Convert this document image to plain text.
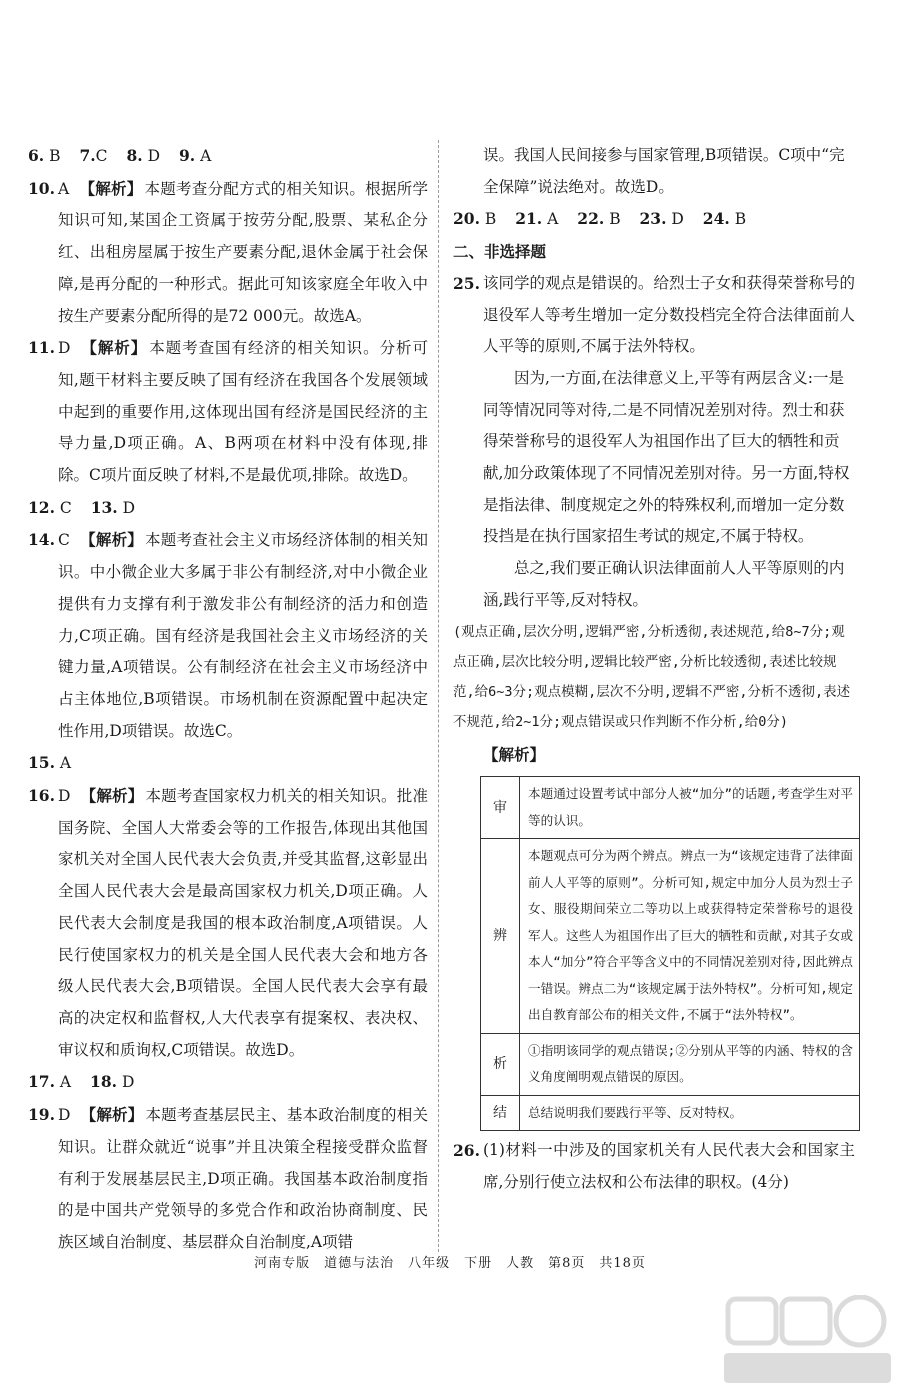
6. B 7.C 8. D 9. A
10. A 【解析】 本题考查分配方式的相关知识。根据所学知识可知,某国企工资属于按劳分配,股票、某私企分红、出租房屋属于按生产要素分配,退休金属于社会保障,是再分配的一种形式。据此可知该家庭全年收入中按生产要素分配所得的是72 000元。故选A。
11. D 【解析】 本题考查国有经济的相关知识。分析可知,题干材料主要反映了国有经济在我国各个发展领域中起到的重要作用,这体现出国有经济是国民经济的主导力量,D项正确。A、B两项在材料中没有体现,排除。C项片面反映了材料,不是最优项,排除。故选D。
12. C 13. D
14. C 【解析】 本题考查社会主义市场经济体制的相关知识。中小微企业大多属于非公有制经济,对中小微企业提供有力支撑有利于激发非公有制经济的活力和创造力,C项正确。国有经济是我国社会主义市场经济的关键力量,A项错误。公有制经济在社会主义市场经济中占主体地位,B项错误。市场机制在资源配置中起决定性作用,D项错误。故选C。
15. A
16. D 【解析】 本题考查国家权力机关的相关知识。批准国务院、全国人大常委会等的工作报告,体现出其他国家机关对全国人民代表大会负责,并受其监督,这彰显出全国人民代表大会是最高国家权力机关,D项正确。人民代表大会制度是我国的根本政治制度,A项错误。人民行使国家权力的机关是全国人民代表大会和地方各级人民代表大会,B项错误。全国人民代表大会享有最高的决定权和监督权,人大代表享有提案权、表决权、审议权和质询权,C项错误。故选D。
17. A 18. D
19. D 【解析】 本题考查基层民主、基本政治制度的相关知识。让群众就近“说事”并且决策全程接受群众监督有利于发展基层民主,D项正确。我国基本政治制度指的是中国共产党领导的多党合作和政治协商制度、民族区域自治制度、基层群众自治制度,A项错
误。我国人民间接参与国家管理,B项错误。C项中“完全保障”说法绝对。故选D。
20. B 21. A 22. B 23. D 24. B
二、非选择题
25. 该同学的观点是错误的。给烈士子女和获得荣誉称号的退役军人等考生增加一定分数投档完全符合法律面前人人平等的原则,不属于法外特权。
因为,一方面,在法律意义上,平等有两层含义:一是同等情况同等对待,二是不同情况差别对待。烈士和获得荣誉称号的退役军人为祖国作出了巨大的牺牲和贡献,加分政策体现了不同情况差别对待。另一方面,特权是指法律、制度规定之外的特殊权利,而增加一定分数投挡是在执行国家招生考试的规定,不属于特权。
总之,我们要正确认识法律面前人人平等原则的内涵,践行平等,反对特权。
(观点正确,层次分明,逻辑严密,分析透彻,表述规范,给8~7分;观点正确,层次比较分明,逻辑比较严密,分析比较透彻,表述比较规范,给6~3分;观点模糊,层次不分明,逻辑不严密,分析不透彻,表述不规范,给2~1分;观点错误或只作判断不作分析,给0分)
【解析】
审	本题通过设置考试中部分人被“加分”的话题,考查学生对平等的认识。
辨	本题观点可分为两个辨点。辨点一为“该规定违背了法律面前人人平等的原则”。分析可知,规定中加分人员为烈士子女、服役期间荣立二等功以上或获得特定荣誉称号的退役军人。这些人为祖国作出了巨大的牺牲和贡献,对其子女或本人“加分”符合平等含义中的不同情况差别对待,因此辨点一错误。辨点二为“该规定属于法外特权”。分析可知,规定出自教育部公布的相关文件,不属于“法外特权”。
析	①指明该同学的观点错误;②分别从平等的内涵、特权的含义角度阐明观点错误的原因。
结	总结说明我们要践行平等、反对特权。
26. (1)材料一中涉及的国家机关有人民代表大会和国家主席,分别行使立法权和公布法律的职权。(4分)
河南专版　道德与法治　八年级　下册　人教　第8页　共18页
